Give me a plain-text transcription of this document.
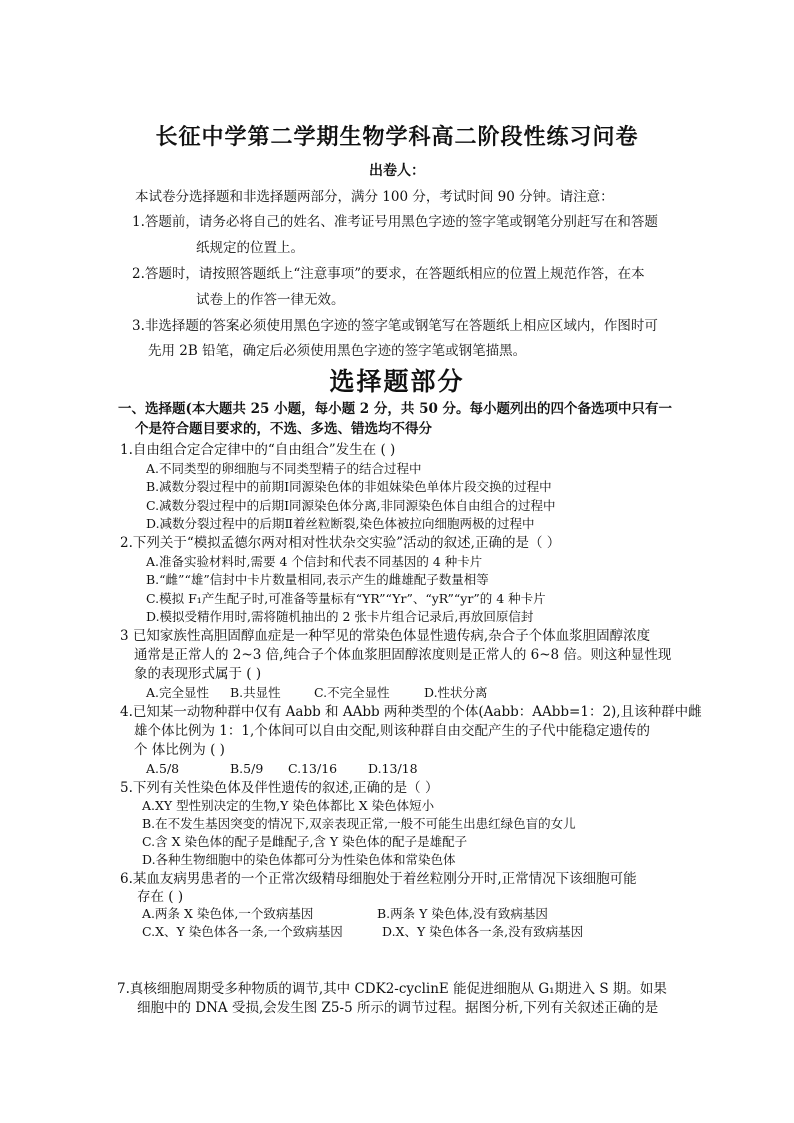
长征中学第二学期生物学科高二阶段性练习问卷
出卷人：
本试卷分选择题和非选择题两部分，满分 100 分，考试时间 90 分钟。请注意：
1.答题前，请务必将自己的姓名、准考证号用黑色字迹的签字笔或钢笔分别赶写在和答题
纸规定的位置上。
2.答题时，请按照答题纸上“注意事项”的要求，在答题纸相应的位置上规范作答，在本
试卷上的作答一律无效。
3.非选择题的答案必须使用黑色字迹的签字笔或钢笔写在答题纸上相应区域内，作图时可
先用 2B 铅笔，确定后必须使用黑色字迹的签字笔或钢笔描黑。
选择题部分
一、选择题(本大题共 25 小题，每小题 2 分，共 50 分。每小题列出的四个备选项中只有一
个是符合题目要求的，不选、多选、错选均不得分
1.自由组合定合定律中的“自由组合”发生在 ( )
A.不同类型的卵细胞与不同类型精子的结合过程中
B.减数分裂过程中的前期Ⅰ同源染色体的非姐妹染色单体片段交换的过程中
C.减数分裂过程中的后期Ⅰ同源染色体分离,非同源染色体自由组合的过程中
D.减数分裂过程中的后期Ⅱ着丝粒断裂,染色体被拉向细胞两极的过程中
2.下列关于“模拟孟德尔两对相对性状杂交实验”活动的叙述,正确的是（ ）
A.准备实验材料时,需要 4 个信封和代表不同基因的 4 种卡片
B.“雌”“雄”信封中卡片数量相同,表示产生的雌雄配子数量相等
C.模拟 F₁产生配子时,可准备等量标有“YR”“Yr”、“yR”“yr”的 4 种卡片
D.模拟受精作用时,需将随机抽出的 2 张卡片组合记录后,再放回原信封
3 已知家族性高胆固醇血症是一种罕见的常染色体显性遗传病,杂合子个体血浆胆固醇浓度
通常是正常人的 2~3 倍,纯合子个体血浆胆固醇浓度则是正常人的 6~8 倍。则这种显性现
象的表现形式属于 ( )
A.完全显性 B.共显性	C.不完全显性	D.性状分离
4.已知某一动物种群中仅有 Aabb 和 AAbb 两种类型的个体(Aabb：AAbb=1：2),且该种群中雌
雄个体比例为 1：1,个体间可以自由交配,则该种群自由交配产生的子代中能稳定遗传的
个 体比例为 ( )
A.5/8	B.5/9 C.13/16 D.13/18
5.下列有关性染色体及伴性遗传的叙述,正确的是（ ）
A.XY 型性别决定的生物,Y 染色体都比 X 染色体短小
B.在不发生基因突变的情况下,双亲表现正常,一般不可能生出患红绿色盲的女儿
C.含 X 染色体的配子是雌配子,含 Y 染色体的配子是雄配子
D.各种生物细胞中的染色体都可分为性染色体和常染色体
6.某血友病男患者的一个正常次级精母细胞处于着丝粒刚分开时,正常情况下该细胞可能
存在 ( )
A.两条 X 染色体,一个致病基因	B.两条 Y 染色体,没有致病基因
C.X、Y 染色体各一条,一个致病基因	D.X、Y 染色体各一条,没有致病基因
7.真核细胞周期受多种物质的调节,其中 CDK2-cyclinE 能促进细胞从 G₁期进入 S 期。如果
细胞中的 DNA 受损,会发生图 Z5-5 所示的调节过程。据图分析,下列有关叙述正确的是
